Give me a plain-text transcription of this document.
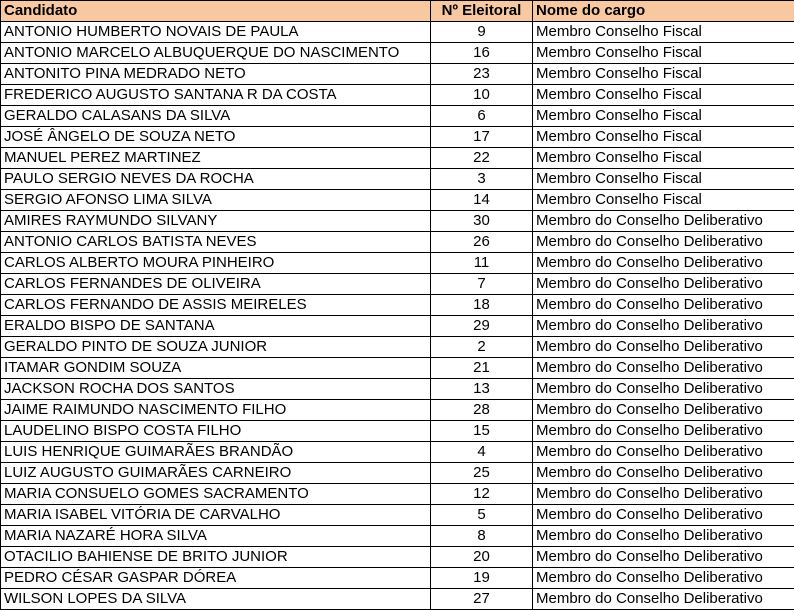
Candidato	Nº Eleitoral	Nome do cargo
ANTONIO HUMBERTO NOVAIS DE PAULA	9	Membro Conselho Fiscal
ANTONIO MARCELO ALBUQUERQUE DO NASCIMENTO	16	Membro Conselho Fiscal
ANTONITO PINA MEDRADO NETO	23	Membro Conselho Fiscal
FREDERICO AUGUSTO SANTANA R DA COSTA	10	Membro Conselho Fiscal
GERALDO CALASANS DA SILVA	6	Membro Conselho Fiscal
JOSÉ ÂNGELO DE SOUZA NETO	17	Membro Conselho Fiscal
MANUEL PEREZ MARTINEZ	22	Membro Conselho Fiscal
PAULO SERGIO NEVES DA ROCHA	3	Membro Conselho Fiscal
SERGIO AFONSO LIMA SILVA	14	Membro Conselho Fiscal
AMIRES RAYMUNDO SILVANY	30	Membro do Conselho Deliberativo
ANTONIO CARLOS BATISTA NEVES	26	Membro do Conselho Deliberativo
CARLOS ALBERTO MOURA PINHEIRO	11	Membro do Conselho Deliberativo
CARLOS FERNANDES DE OLIVEIRA	7	Membro do Conselho Deliberativo
CARLOS FERNANDO DE ASSIS MEIRELES	18	Membro do Conselho Deliberativo
ERALDO BISPO DE SANTANA	29	Membro do Conselho Deliberativo
GERALDO PINTO DE SOUZA JUNIOR	2	Membro do Conselho Deliberativo
ITAMAR GONDIM SOUZA	21	Membro do Conselho Deliberativo
JACKSON ROCHA DOS SANTOS	13	Membro do Conselho Deliberativo
JAIME RAIMUNDO NASCIMENTO FILHO	28	Membro do Conselho Deliberativo
LAUDELINO BISPO COSTA FILHO	15	Membro do Conselho Deliberativo
LUIS HENRIQUE GUIMARÃES BRANDÃO	4	Membro do Conselho Deliberativo
LUIZ AUGUSTO GUIMARÃES CARNEIRO	25	Membro do Conselho Deliberativo
MARIA CONSUELO GOMES SACRAMENTO	12	Membro do Conselho Deliberativo
MARIA ISABEL VITÓRIA DE CARVALHO	5	Membro do Conselho Deliberativo
MARIA NAZARÉ HORA SILVA	8	Membro do Conselho Deliberativo
OTACILIO BAHIENSE DE BRITO JUNIOR	20	Membro do Conselho Deliberativo
PEDRO CÉSAR GASPAR DÓREA	19	Membro do Conselho Deliberativo
WILSON LOPES DA SILVA	27	Membro do Conselho Deliberativo
